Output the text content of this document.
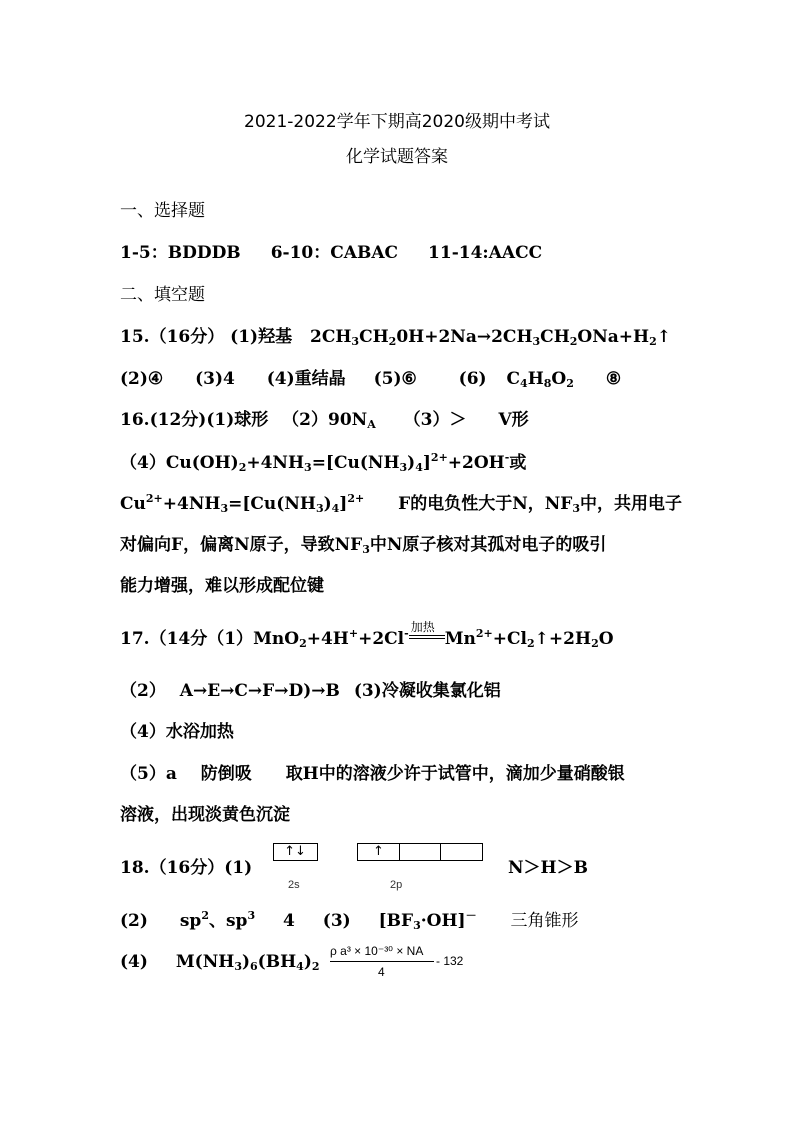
2021-2022学年下期高2020级期中考试
化学试题答案
一、选择题
1-5：BDDDB 6-10：CABAC 11-14:AACC
二、填空题
15.（16分） (1)羟基 $2CH_3CH_20H+2Na\to 2CH_3CH_2ONa+H_2↑$
(2)④ (3)4 (4)重结晶 (5)⑥ (6) $C_4H_8O_2$ ⑧
16.(12分)(1)球形 $(2)90N_A$ （3）＞ V形
$(4)Cu(OH)_2+4NH_3=[Cu(NH_3)_4]^{2+}+2OH^-$或
$Cu^{2+}+4NH_3=[Cu(NH_3)_4]^{2+}$ F的电负性大于N，$NF_3$中，共用电子
对偏向F，偏离N原子，导致$NF_3$中N原子核对其孤对电子的吸引
能力增强，难以形成配位键
17.（14分（1）MnO$_2$+4H++2Cl- 加热
$Mn^{2+}+Cl_2↑+2H_2O$
（2） A→E→C→F→D)→B (3)冷凝收集氯化铝
（4）水浴加热
（5）a 防倒吸 取H中的溶液少许于试管中，滴加少量硝酸银
溶液，出现淡黄色沉淀
18.（16分）(1)
↑↓
2s
↑
2p
N＞H＞B
(2) $sp^2$、$sp^3$ 4 (3) $[BF_3\cdot OH]^-$ 三角锥形
(4) $M(NH_3)_6(BH_4)_2$
ρ a³ × 10⁻³⁰ × NA
4
- 132
